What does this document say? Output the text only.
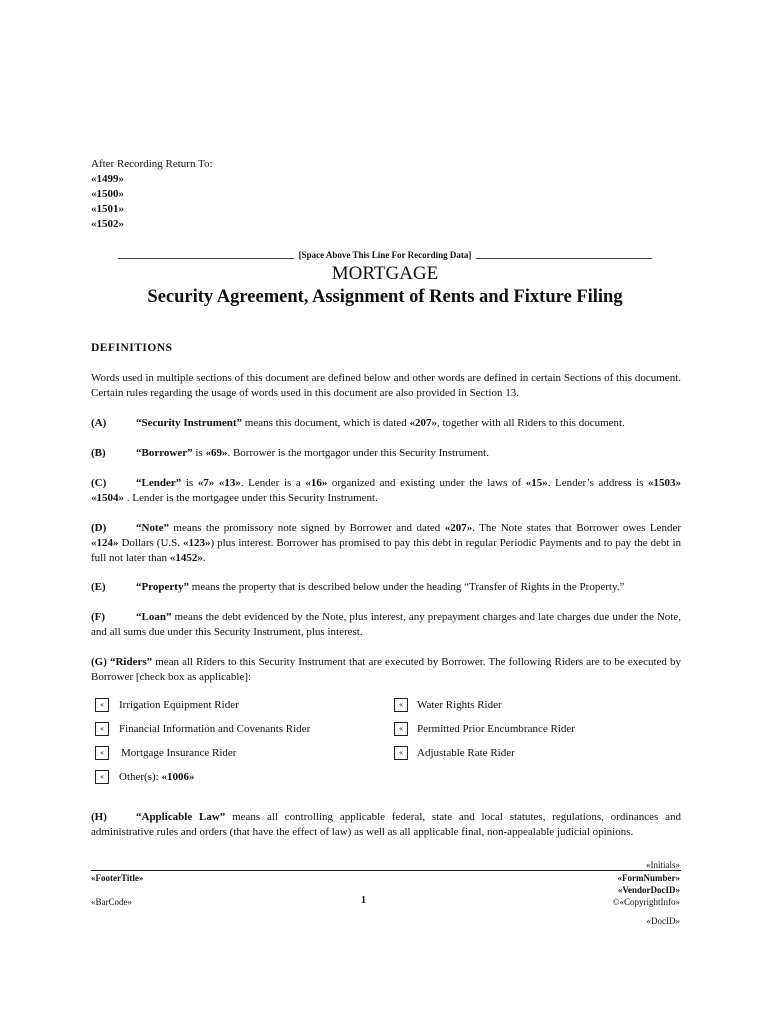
After Recording Return To:
«1499»
«1500»
«1501»
«1502»
[Space Above This Line For Recording Data]
MORTGAGE
Security Agreement, Assignment of Rents and Fixture Filing
DEFINITIONS
Words used in multiple sections of this document are defined below and other words are defined in certain Sections of this document. Certain rules regarding the usage of words used in this document are also provided in Section 13.
(A)	“Security Instrument” means this document, which is dated «207», together with all Riders to this document.
(B)	“Borrower” is «69». Borrower is the mortgagor under this Security Instrument.
(C)	“Lender” is «7» «13». Lender is a «16» organized and existing under the laws of «15». Lender’s address is «1503» «1504» . Lender is the mortgagee under this Security Instrument.
(D)	“Note” means the promissory note signed by Borrower and dated «207». The Note states that Borrower owes Lender «124» Dollars (U.S. «123») plus interest. Borrower has promised to pay this debt in regular Periodic Payments and to pay the debt in full not later than «1452».
(E)	“Property” means the property that is described below under the heading “Transfer of Rights in the Property.”
(F)	“Loan” means the debt evidenced by the Note, plus interest, any prepayment charges and late charges due under the Note, and all sums due under this Security Instrument, plus interest.
(G) “Riders” mean all Riders to this Security Instrument that are executed by Borrower. The following Riders are to be executed by Borrower [check box as applicable]:
«	Irrigation Equipment Rider
«	Financial Information and Covenants Rider
«	Mortgage Insurance Rider
«	Other(s): «1006»
«	Water Rights Rider
«	Permitted Prior Encumbrance Rider
«	Adjustable Rate Rider
(H)	“Applicable Law” means all controlling applicable federal, state and local statutes, regulations, ordinances and administrative rules and orders (that have the effect of law) as well as all applicable final, non-appealable judicial opinions.
«Initials»
«FooterTitle»	«FormNumber»
«VendorDocID»
«BarCode»	1	©«CopyrightInfo»
«DocID»
